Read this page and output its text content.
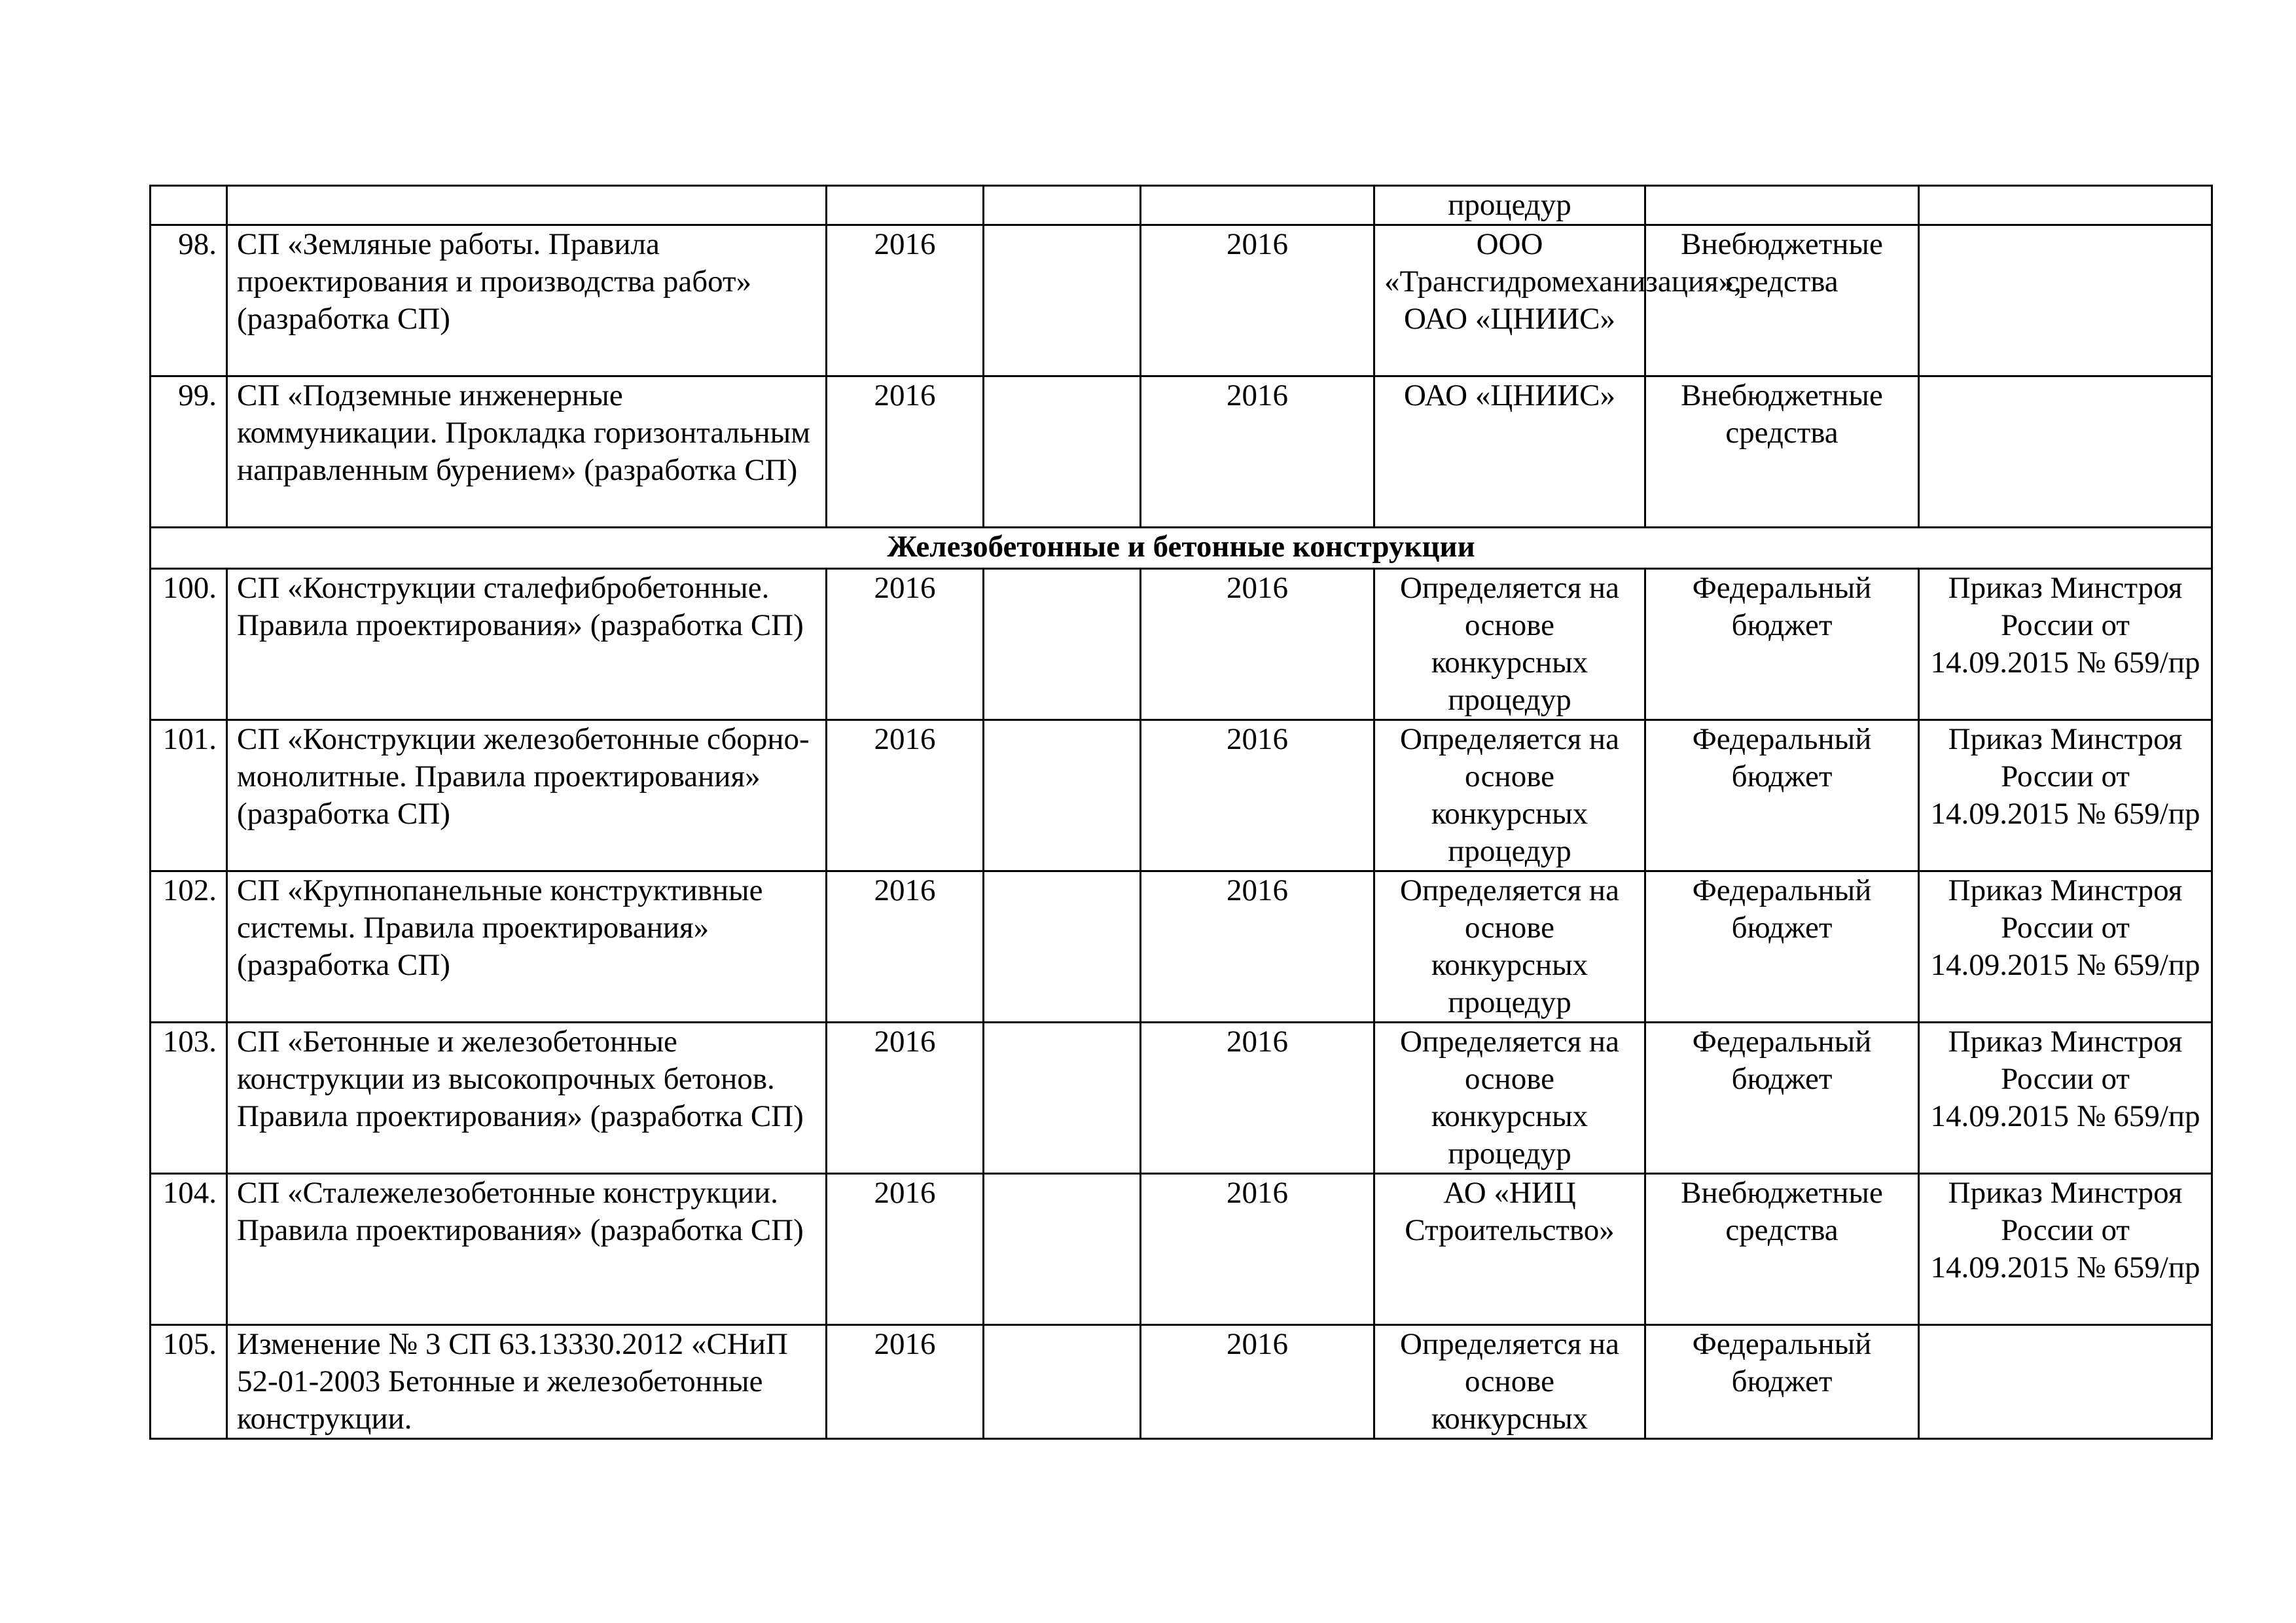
					процедур		
98.	СП «Земляные работы. Правила проектирования и производства работ» (разработка СП)	2016		2016	ООО «Трансгидромеханизация», ОАО «ЦНИИС»	Внебюджетные средства	
99.	СП «Подземные инженерные коммуникации. Прокладка горизонтальным направленным бурением» (разработка СП)	2016		2016	ОАО «ЦНИИС»	Внебюджетные средства	
Железобетонные и бетонные конструкции							
100.	СП «Конструкции сталефибробетонные. Правила проектирования» (разработка СП)	2016		2016	Определяется на основе конкурсных процедур	Федеральный бюджет	Приказ Минстроя России от 14.09.2015 № 659/пр
101.	СП «Конструкции железобетонные сборно-монолитные. Правила проектирования» (разработка СП)	2016		2016	Определяется на основе конкурсных процедур	Федеральный бюджет	Приказ Минстроя России от 14.09.2015 № 659/пр
102.	СП «Крупнопанельные конструктивные системы. Правила проектирования» (разработка СП)	2016		2016	Определяется на основе конкурсных процедур	Федеральный бюджет	Приказ Минстроя России от 14.09.2015 № 659/пр
103.	СП «Бетонные и железобетонные конструкции из высокопрочных бетонов. Правила проектирования» (разработка СП)	2016		2016	Определяется на основе конкурсных процедур	Федеральный бюджет	Приказ Минстроя России от 14.09.2015 № 659/пр
104.	СП «Сталежелезобетонные конструкции. Правила проектирования» (разработка СП)	2016		2016	АО «НИЦ Строительство»	Внебюджетные средства	Приказ Минстроя России от 14.09.2015 № 659/пр
105.	Изменение № 3 СП 63.13330.2012 «СНиП 52-01-2003 Бетонные и железобетонные конструкции.	2016		2016	Определяется на основе конкурсных	Федеральный бюджет	
